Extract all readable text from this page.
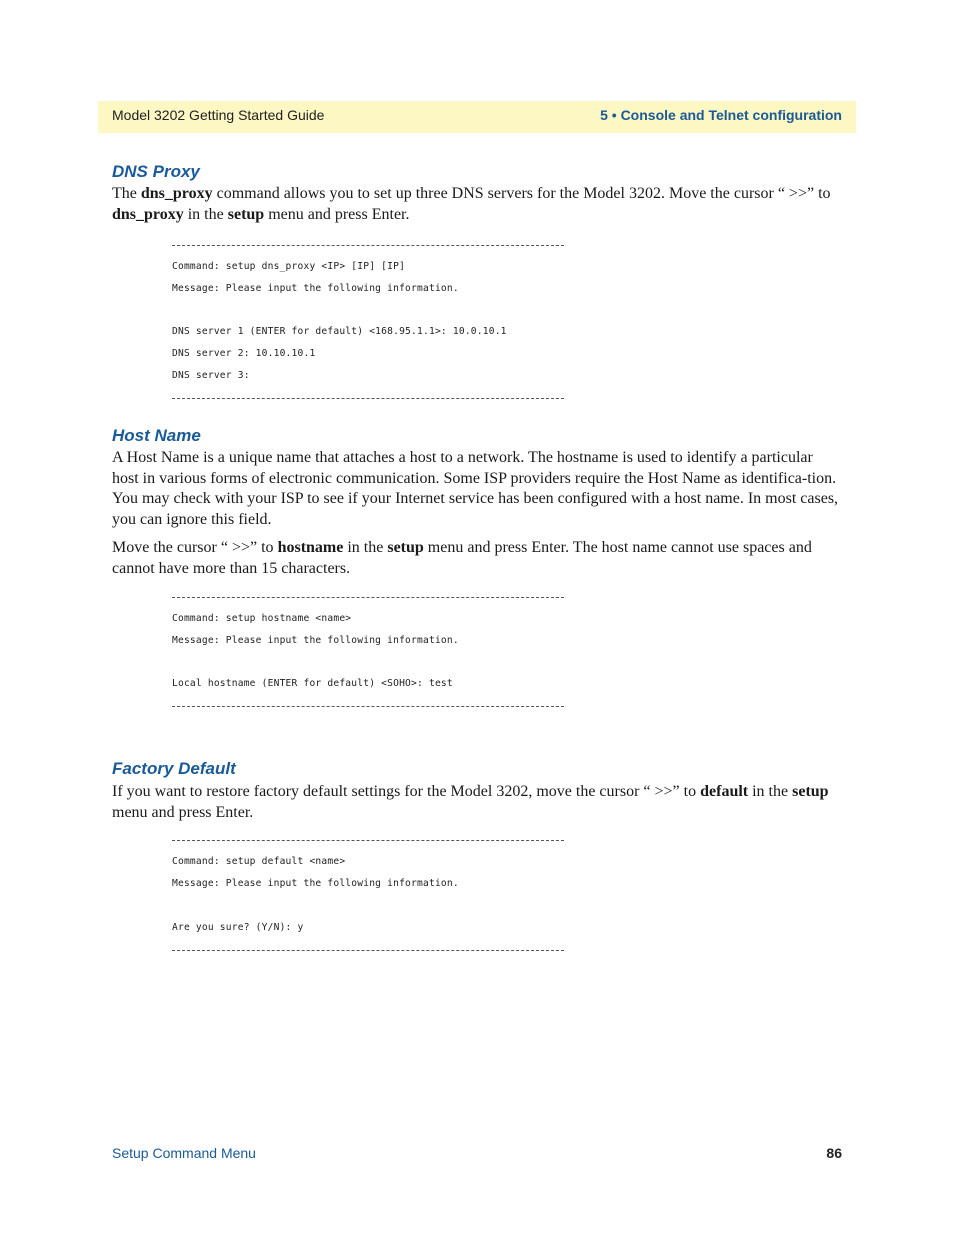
Model 3202 Getting Started Guide	5 • Console and Telnet configuration
DNS Proxy

The dns_proxy command allows you to set up three DNS servers for the Model 3202. Move the cursor “ >>” to dns_proxy in the setup menu and press Enter.

Command: setup dns_proxy <IP> [IP] [IP]
Message: Please input the following information.
DNS server 1 (ENTER for default) <168.95.1.1>: 10.0.10.1
DNS server 2: 10.10.10.1
DNS server 3:
Host Name

A Host Name is a unique name that attaches a host to a network. The hostname is used to identify a particular host in various forms of electronic communication. Some ISP providers require the Host Name as identifica-tion. You may check with your ISP to see if your Internet service has been configured with a host name. In most cases, you can ignore this field.

Move the cursor “ >>” to hostname in the setup menu and press Enter. The host name cannot use spaces and cannot have more than 15 characters.

Command: setup hostname <name>
Message: Please input the following information.
Local hostname (ENTER for default) <SOHO>: test
Factory Default

If you want to restore factory default settings for the Model 3202, move the cursor “ >>” to default in the setup menu and press Enter.

Command: setup default <name>
Message: Please input the following information.
Are you sure? (Y/N): y
Setup Command Menu	86
